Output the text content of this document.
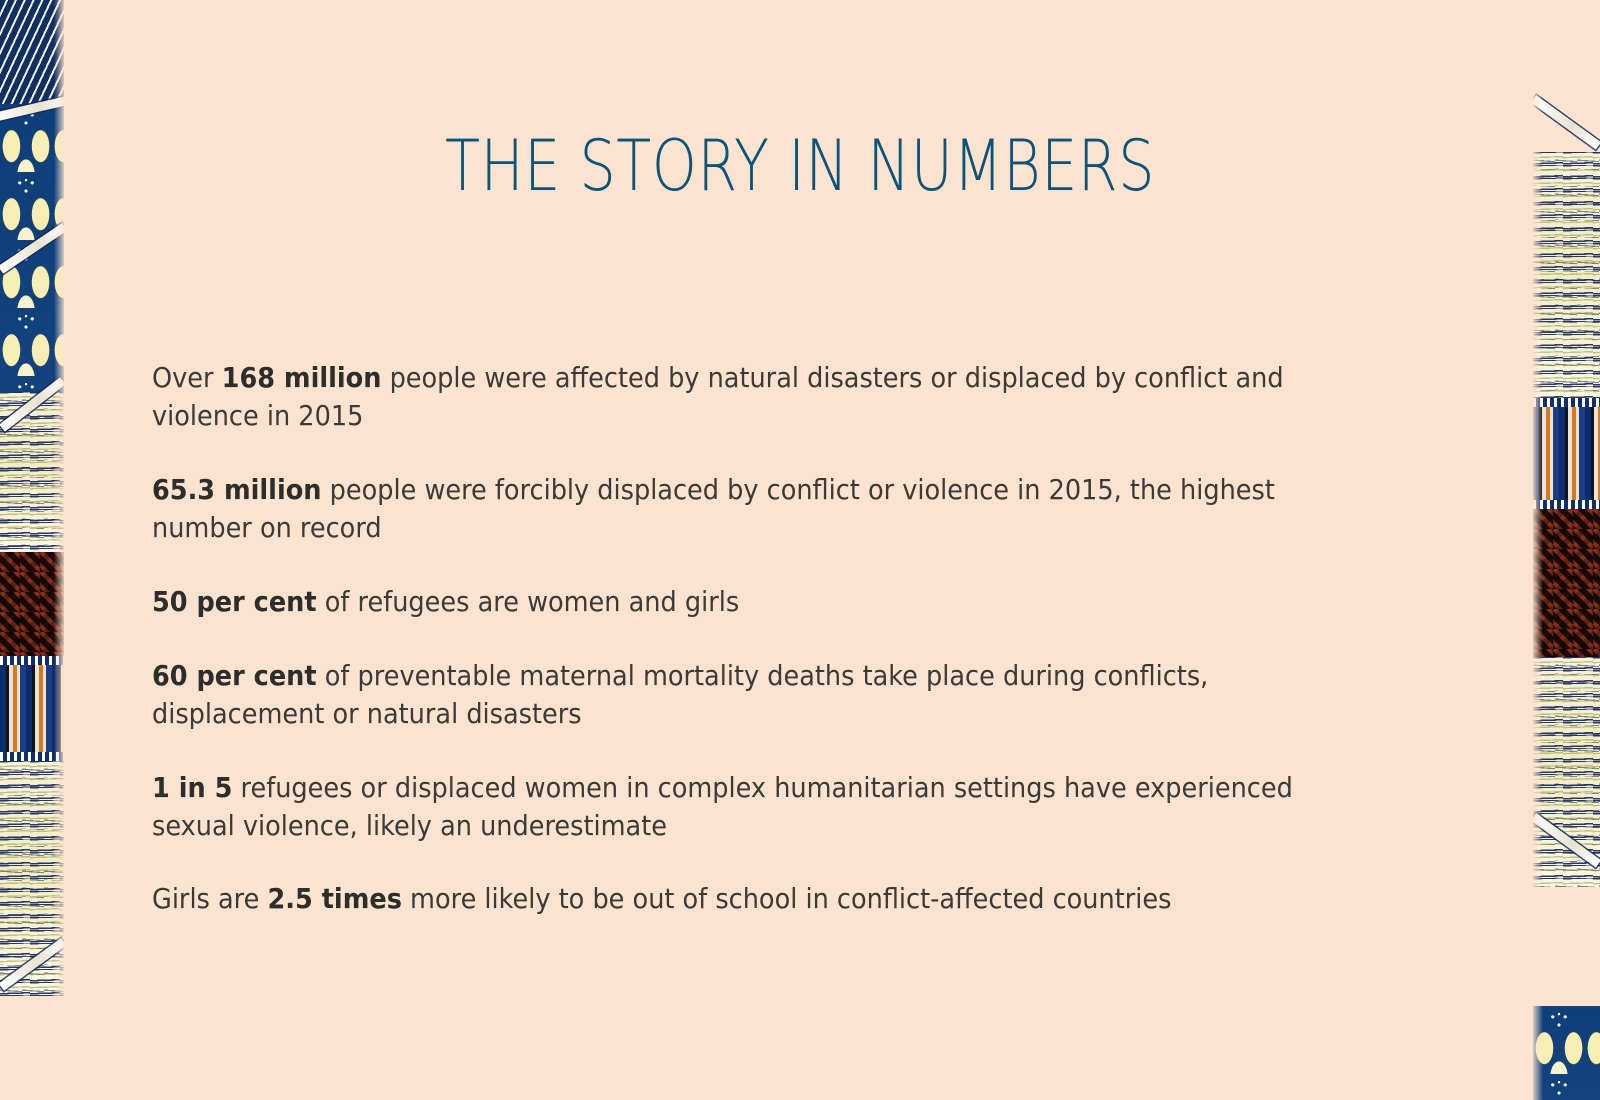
THE STORY IN NUMBERS

Over 168 million people were affected by natural disasters or displaced by conflict and violence in 2015

65.3 million people were forcibly displaced by conflict or violence in 2015, the highest number on record

50 per cent of refugees are women and girls

60 per cent of preventable maternal mortality deaths take place during conflicts, displacement or natural disasters

1 in 5 refugees or displaced women in complex humanitarian settings have experienced sexual violence, likely an underestimate

Girls are 2.5 times more likely to be out of school in conflict-affected countries
